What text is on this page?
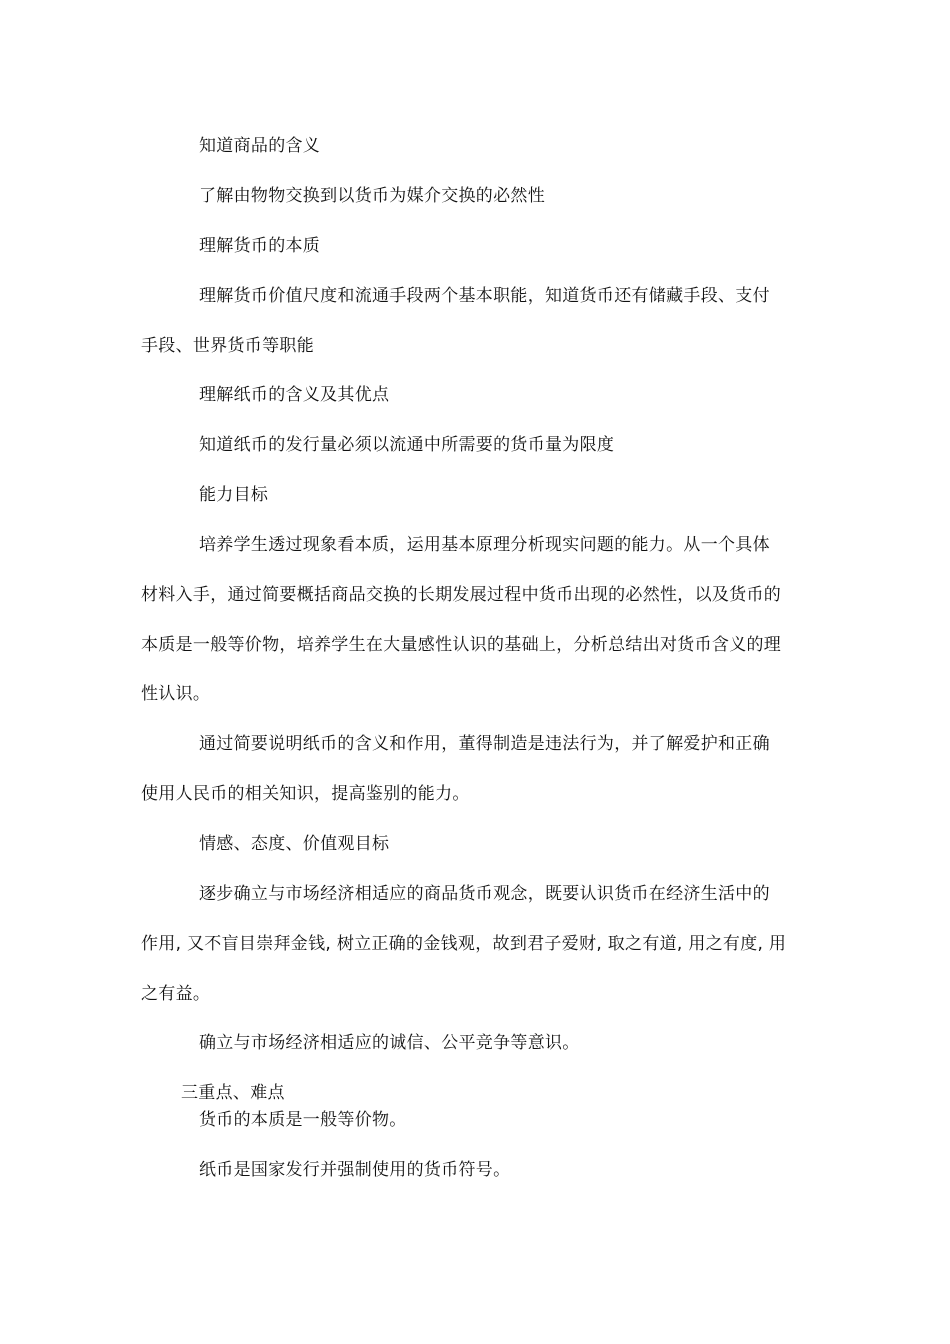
知道商品的含义
了解由物物交换到以货币为媒介交换的必然性
理解货币的本质
理解货币价值尺度和流通手段两个基本职能，知道货币还有储藏手段、支付
手段、世界货币等职能
理解纸币的含义及其优点
知道纸币的发行量必须以流通中所需要的货币量为限度
能力目标
培养学生透过现象看本质，运用基本原理分析现实问题的能力。从一个具体
材料入手，通过简要概括商品交换的长期发展过程中货币出现的必然性，以及货币的
本质是一般等价物，培养学生在大量感性认识的基础上，分析总结出对货币含义的理
性认识。
通过简要说明纸币的含义和作用，董得制造是违法行为，并了解爱护和正确
使用人民币的相关知识，提高鉴别的能力。
情感、态度、价值观目标
逐步确立与市场经济相适应的商品货币观念，既要认识货币在经济生活中的
作用, 又不盲目崇拜金钱, 树立正确的金钱观，故到君子爱财, 取之有道, 用之有度, 用
之有益。
确立与市场经济相适应的诚信、公平竞争等意识。
三重点、难点
货币的本质是一般等价物。
纸币是国家发行并强制使用的货币符号。
